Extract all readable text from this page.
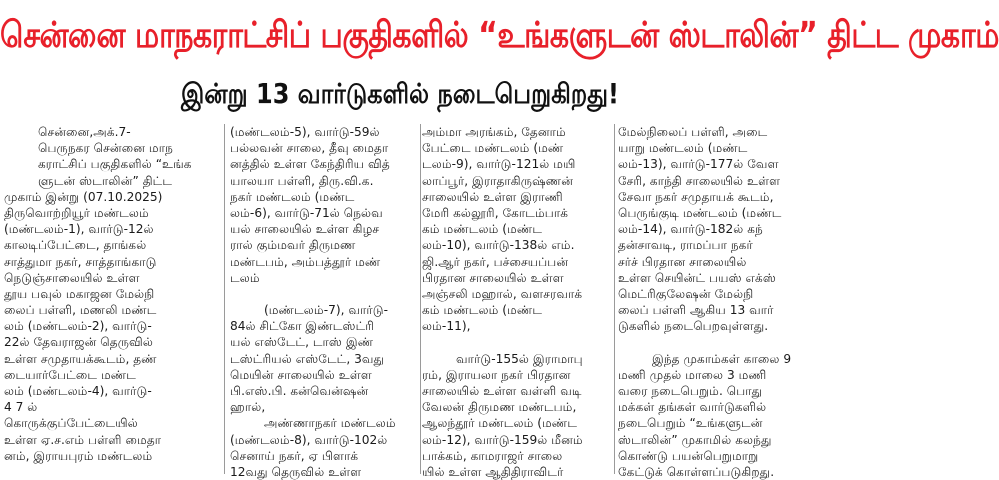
சென்னை மாநகராட்சிப் பகுதிகளில் “உங்களுடன் ஸ்டாலின்” திட்ட முகாம்
இன்று 13 வார்டுகளில் நடைபெறுகிறது!
சென்னை,அக்.7-
பெருநகர சென்னை மாந
கராட்சிப் பகுதிகளில் “உங்க
ளுடன் ஸ்டாலின்” திட்ட
முகாம் இன்று (07.10.2025)
திருவொற்றியூர் மண்டலம்
(மண்டலம்-1), வார்டு-12ல்
காலடிப்பேட்டை, தாங்கல்
சாத்துமா நகர், சாத்தாங்காடு
நெடுஞ்சாலையில் உள்ள
தூய பவுல் மகாஜன மேல்நி
லைப் பள்ளி, மணலி மண்ட
லம் (மண்டலம்-2), வார்டு-
22ல் தேவராஜன் தெருவில்
உள்ள சமுதாயக்கூடம், தண்
டையார்பேட்டை மண்ட
லம் (மண்டலம்-4), வார்டு-
4 7 ல்
கொருக்குப்பேட்டையில்
உள்ள ஏ.ச.எம் பள்ளி மைதா
னம், இராயபுரம் மண்டலம்
(மண்டலம்-5), வார்டு-59ல்
பல்லவன் சாலை, தீவு மைதா
னத்தில் உள்ள கேந்திரிய வித்
யாலயா பள்ளி, திரு.வி.க.
நகர் மண்டலம் (மண்ட
லம்-6), வார்டு-71ல் நெல்வ
யல் சாலையில் உள்ள கிழச
ரால் கும்மவர் திருமண
மண்டபம், அம்பத்தூர் மண்
டலம்
(மண்டலம்-7), வார்டு-
84ல் சிட்கோ இண்டஸ்ட்ரி
யல் எஸ்டேட், டாஸ் இண்
டஸ்ட்ரியல் எஸ்டேட், 3வது
மெயின் சாலையில் உள்ள
பி.எஸ்.பி. கன்வென்ஷன்
ஹால்,
அண்ணாநகர் மண்டலம்
(மண்டலம்-8), வார்டு-102ல்
செனாய் நகர், ஏ பிளாக்
12வது தெருவில் உள்ள
அம்மா அரங்கம், தேனாம்
பேட்டை மண்டலம் (மண்
டலம்-9), வார்டு-121ல் மயி
லாப்பூர், இராதாகிருஷ்ணன்
சாலையில் உள்ள இராணி
மேரி கல்லூரி, கோடம்பாக்
கம் மண்டலம் (மண்ட
லம்-10), வார்டு-138ல் எம்.
ஜி.ஆர் நகர், பச்சையப்பன்
பிரதான சாலையில் உள்ள
அஞ்சலி மஹால், வளசரவாக்
கம் மண்டலம் (மண்ட
லம்-11),
வார்டு-155ல் இராமாபு
ரம், இராயலா நகர் பிரதான
சாலையில் உள்ள வள்ளி வடி
வேலன் திருமண மண்டபம்,
ஆலந்தூர் மண்டலம் (மண்ட
லம்-12), வார்டு-159ல் மீனம்
பாக்கம், காமராஜர் சாலை
யில் உள்ள ஆதிதிராவிடர்
மேல்நிலைப் பள்ளி, அடை
யாறு மண்டலம் (மண்ட
லம்-13), வார்டு-177ல் வேள
சேரி, காந்தி சாலையில் உள்ள
சேவா நகர் சமுதாயக் கூடம்,
பெருங்குடி மண்டலம் (மண்ட
லம்-14), வார்டு-182ல் கந்
தன்சாவடி, ராமப்பா நகர்
சர்ச் பிரதான சாலையில்
உள்ள செயின்ட் பயஸ் எக்ஸ்
மெட்ரிகுலேஷன் மேல்நி
லைப் பள்ளி ஆகிய 13 வார்
டுகளில் நடைபெறவுள்ளது.
இந்த முகாம்கள் காலை 9
மணி முதல் மாலை 3 மணி
வரை நடைபெறும். பொது
மக்கள் தங்கள் வார்டுகளில்
நடைபெறும் “உங்களுடன்
ஸ்டாலின்” முகாமில் கலந்து
கொண்டு பயன்பெறுமாறு
கேட்டுக் கொள்ளப்படுகிறது.
